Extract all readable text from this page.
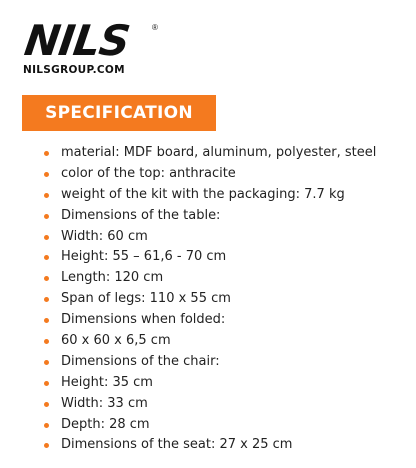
NILS ®
NILSGROUP.COM
SPECIFICATION
material: MDF board, aluminum, polyester, steel
color of the top: anthracite
weight of the kit with the packaging: 7.7 kg
Dimensions of the table:
Width: 60 cm
Height: 55 – 61,6 - 70 cm
Length: 120 cm
Span of legs: 110 x 55 cm
Dimensions when folded:
60 x 60 x 6,5 cm
Dimensions of the chair:
Height: 35 cm
Width: 33 cm
Depth: 28 cm
Dimensions of the seat: 27 x 25 cm
